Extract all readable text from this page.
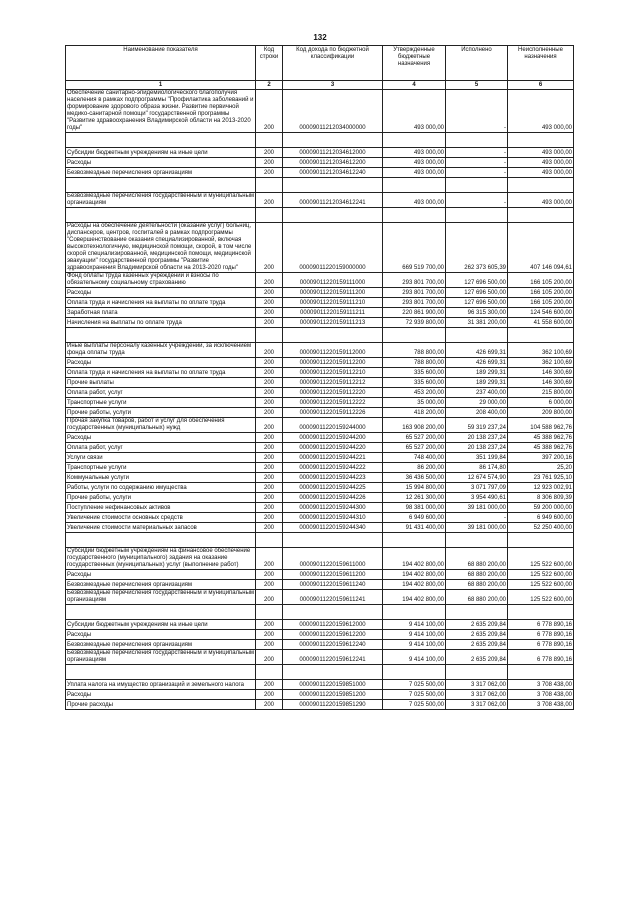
132
Наименование показателя	Код строки	Код дохода по бюджетной классификации	Утвержденные бюджетные назначения	Исполнено	Неисполненные назначения
1	2	3	4	5	6
Обеспечение санитарно-эпидемиологического благополучия населения в рамках подпрограммы "Профилактика заболеваний и формирование здорового образа жизни. Развитие первичной медико-санитарной помощи" государственной программы "Развитие здравоохранения Владимирской области на 2013-2020 годы"	200	00009011212034000000	493 000,00	-	493 000,00

Субсидии бюджетным учреждениям на иные цели	200	00009011212034612000	493 000,00	-	493 000,00
Расходы	200	00009011212034612200	493 000,00	-	493 000,00
Безвозмездные перечисления организациям	200	00009011212034612240	493 000,00	-	493 000,00

Безвозмездные перечисления государственным и муниципальным организациям	200	00009011212034612241	493 000,00	-	493 000,00

Расходы на обеспечение деятельности (оказание услуг) больниц, диспансеров, центров, госпиталей в рамках подпрограммы "Совершенствование оказания специализированной, включая высокотехнологичную, медицинской помощи, скорой, в том числе скорой специализированной, медицинской помощи, медицинской эвакуации" государственной программы "Развитие здравоохранения Владимирской области на 2013-2020 годы"	200	00009011220159000000	669 519 700,00	262 373 605,39	407 146 094,61
Фонд оплаты труда казенных учреждений и взносы по обязательному социальному страхованию	200	00009011220159111000	293 801 700,00	127 696 500,00	166 105 200,00
Расходы	200	00009011220159111200	293 801 700,00	127 696 500,00	166 105 200,00
Оплата труда и начисления на выплаты по оплате труда	200	00009011220159111210	293 801 700,00	127 696 500,00	166 105 200,00
Заработная плата	200	00009011220159111211	220 861 900,00	96 315 300,00	124 546 600,00
Начисления на выплаты по оплате труда	200	00009011220159111213	72 939 800,00	31 381 200,00	41 558 600,00

Иные выплаты персоналу казенных учреждений, за исключением фонда оплаты труда	200	00009011220159112000	788 800,00	426 699,31	362 100,69
Расходы	200	00009011220159112200	788 800,00	426 699,31	362 100,69
Оплата труда и начисления на выплаты по оплате труда	200	00009011220159112210	335 600,00	189 299,31	146 300,69
Прочие выплаты	200	00009011220159112212	335 600,00	189 299,31	146 300,69
Оплата работ, услуг	200	00009011220159112220	453 200,00	237 400,00	215 800,00
Транспортные услуги	200	00009011220159112222	35 000,00	29 000,00	6 000,00
Прочие работы, услуги	200	00009011220159112226	418 200,00	208 400,00	209 800,00
Прочая закупка товаров, работ и услуг для обеспечения государственных (муниципальных) нужд	200	00009011220159244000	163 908 200,00	59 319 237,24	104 588 962,76
Расходы	200	00009011220159244200	65 527 200,00	20 138 237,24	45 388 962,76
Оплата работ, услуг	200	00009011220159244220	65 527 200,00	20 138 237,24	45 388 962,76
Услуги связи	200	00009011220159244221	748 400,00	351 199,84	397 200,16
Транспортные услуги	200	00009011220159244222	86 200,00	86 174,80	25,20
Коммунальные услуги	200	00009011220159244223	36 436 500,00	12 674 574,90	23 761 925,10
Работы, услуги по содержанию имущества	200	00009011220159244225	15 994 800,00	3 071 797,09	12 923 002,91
Прочие работы, услуги	200	00009011220159244226	12 261 300,00	3 954 490,61	8 306 809,39
Поступление нефинансовых активов	200	00009011220159244300	98 381 000,00	39 181 000,00	59 200 000,00
Увеличение стоимости основных средств	200	00009011220159244310	6 949 600,00	-	6 949 600,00
Увеличение стоимости материальных запасов	200	00009011220159244340	91 431 400,00	39 181 000,00	52 250 400,00

Субсидии бюджетным учреждениям на финансовое обеспечение государственного (муниципального) задания на оказание государственных (муниципальных) услуг (выполнение работ)	200	00009011220159611000	194 402 800,00	68 880 200,00	125 522 600,00
Расходы	200	00009011220159611200	194 402 800,00	68 880 200,00	125 522 600,00
Безвозмездные перечисления организациям	200	00009011220159611240	194 402 800,00	68 880 200,00	125 522 600,00
Безвозмездные перечисления государственным и муниципальным организациям	200	00009011220159611241	194 402 800,00	68 880 200,00	125 522 600,00

Субсидии бюджетным учреждениям на иные цели	200	00009011220159612000	9 414 100,00	2 635 209,84	6 778 890,16
Расходы	200	00009011220159612200	9 414 100,00	2 635 209,84	6 778 890,16
Безвозмездные перечисления организациям	200	00009011220159612240	9 414 100,00	2 635 209,84	6 778 890,16
Безвозмездные перечисления государственным и муниципальным организациям	200	00009011220159612241	9 414 100,00	2 635 209,84	6 778 890,16

Уплата налога на имущество организаций и земельного налога	200	00009011220159851000	7 025 500,00	3 317 062,00	3 708 438,00
Расходы	200	00009011220159851200	7 025 500,00	3 317 062,00	3 708 438,00
Прочие расходы	200	00009011220159851290	7 025 500,00	3 317 062,00	3 708 438,00
